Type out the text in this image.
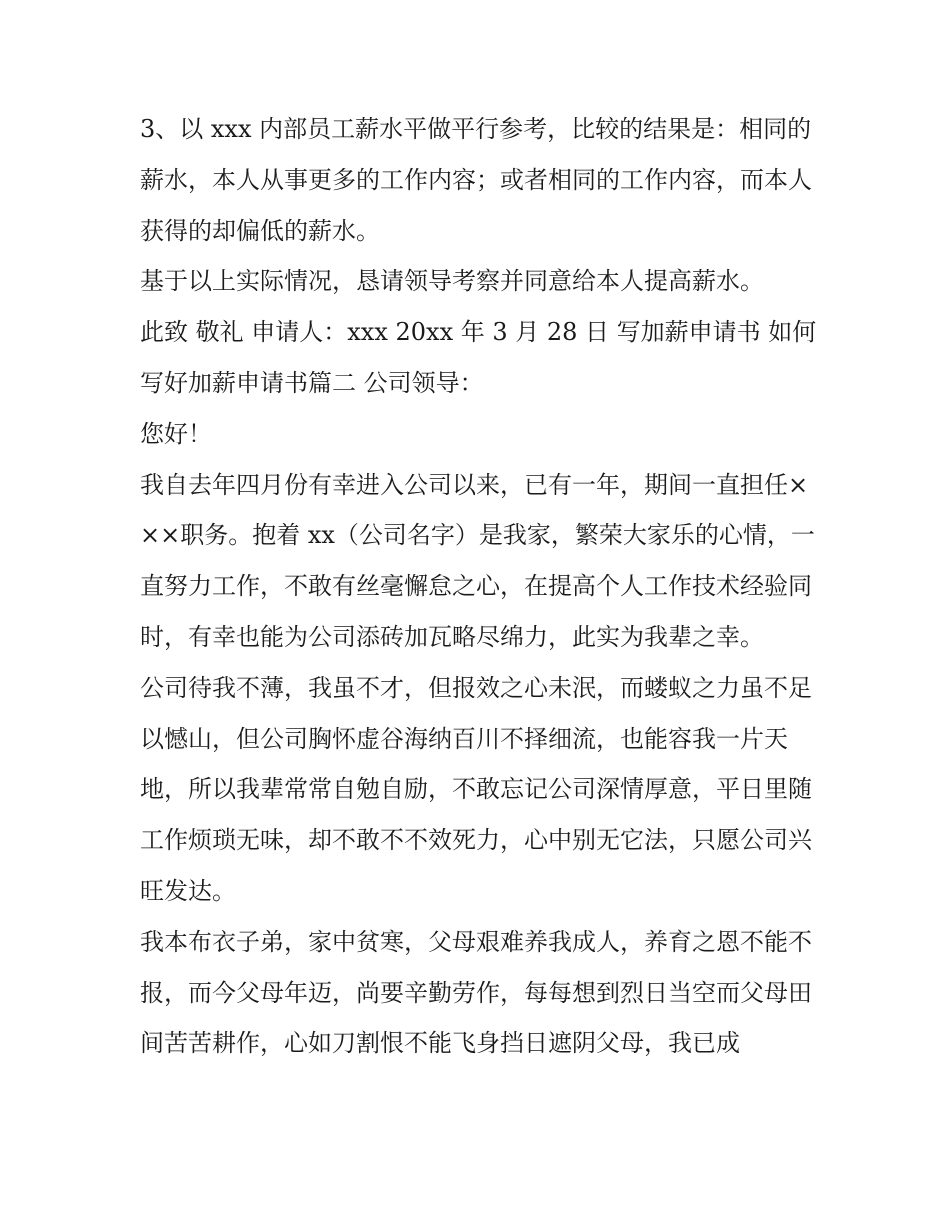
3、以 xxx 内部员工薪水平做平行参考，比较的结果是：相同的薪水，本人从事更多的工作内容；或者相同的工作内容，而本人获得的却偏低的薪水。

基于以上实际情况，恳请领导考察并同意给本人提高薪水。

此致 敬礼 申请人：xxx 20xx 年 3 月 28 日 写加薪申请书 如何写好加薪申请书篇二 公司领导：

您好！

我自去年四月份有幸进入公司以来，已有一年，期间一直担任×××职务。抱着 xx（公司名字）是我家，繁荣大家乐的心情，一直努力工作，不敢有丝毫懈怠之心，在提高个人工作技术经验同时，有幸也能为公司添砖加瓦略尽绵力，此实为我辈之幸。

公司待我不薄，我虽不才，但报效之心未泯，而蝼蚁之力虽不足以憾山，但公司胸怀虚谷海纳百川不择细流，也能容我一片天地，所以我辈常常自勉自励，不敢忘记公司深情厚意，平日里随工作烦琐无味，却不敢不不效死力，心中别无它法，只愿公司兴旺发达。

我本布衣子弟，家中贫寒，父母艰难养我成人，养育之恩不能不报，而今父母年迈，尚要辛勤劳作，每每想到烈日当空而父母田间苦苦耕作，心如刀割恨不能飞身挡日遮阴父母，我已成
